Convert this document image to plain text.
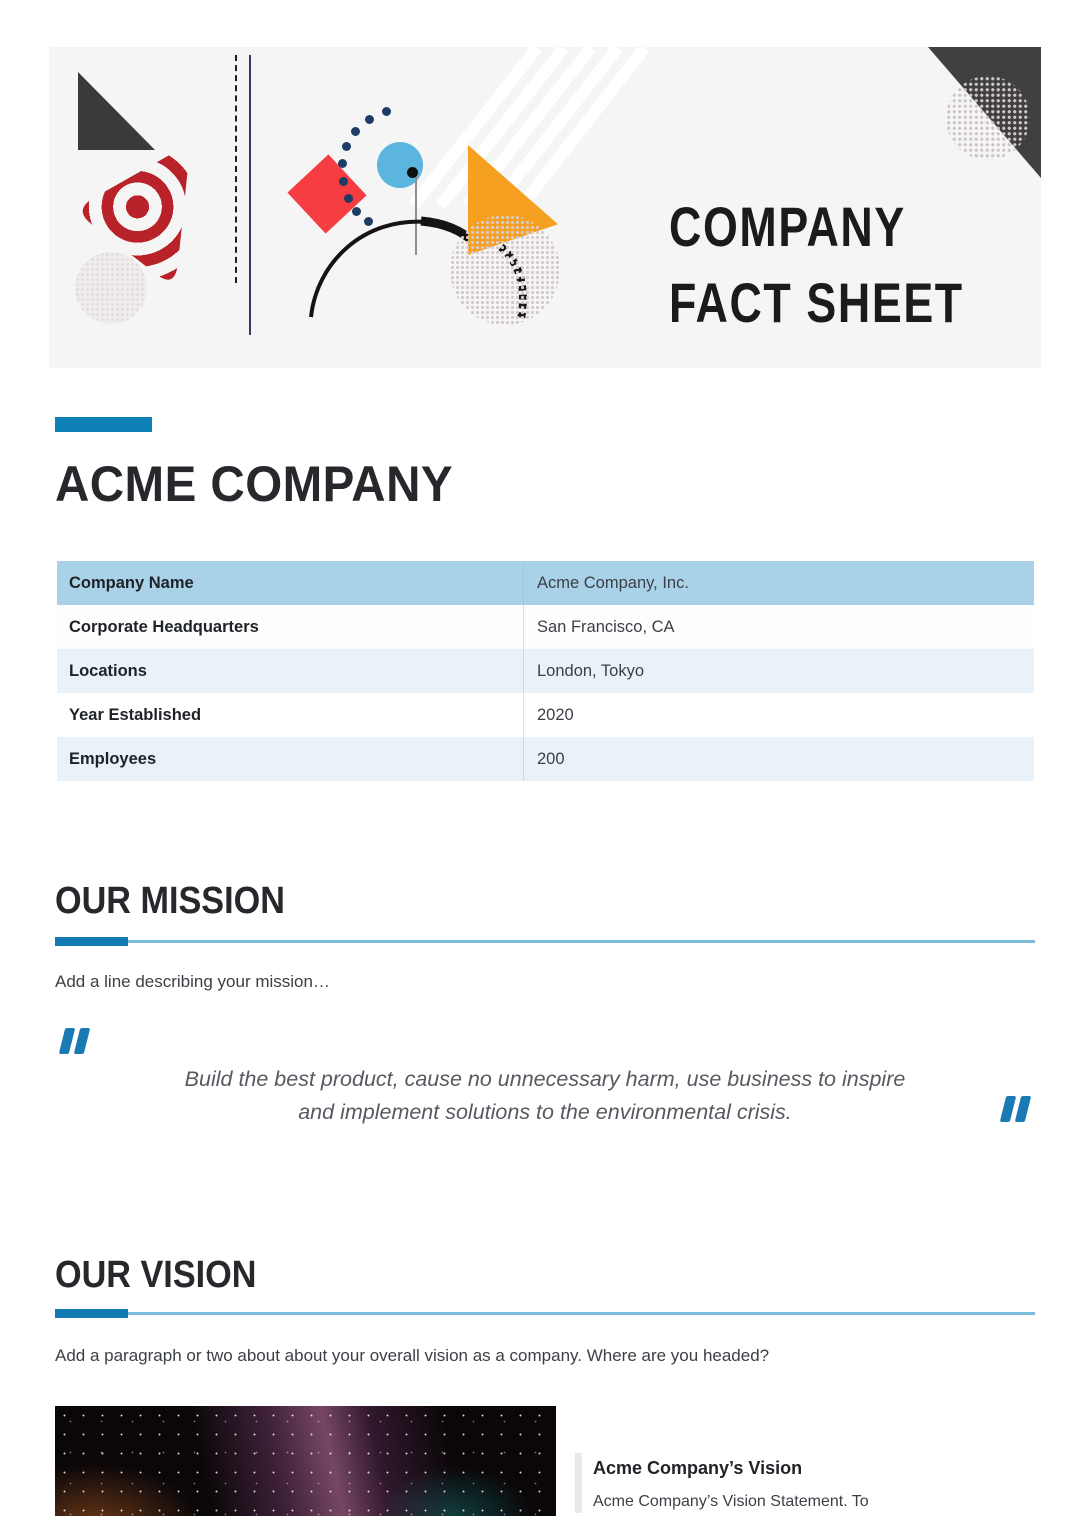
COMPANY
FACT SHEET
ACME COMPANY
Company Name	Acme Company, Inc.
Corporate Headquarters	San Francisco, CA
Locations	London, Tokyo
Year Established	2020
Employees	200
OUR MISSION

Add a line describing your mission…

Build the best product, cause no unnecessary harm, use business to inspire
and implement solutions to the environmental crisis.
OUR VISION

Add a paragraph or two about about your overall vision as a company. Where are you headed?

Acme Company’s Vision
Acme Company’s Vision Statement. To
